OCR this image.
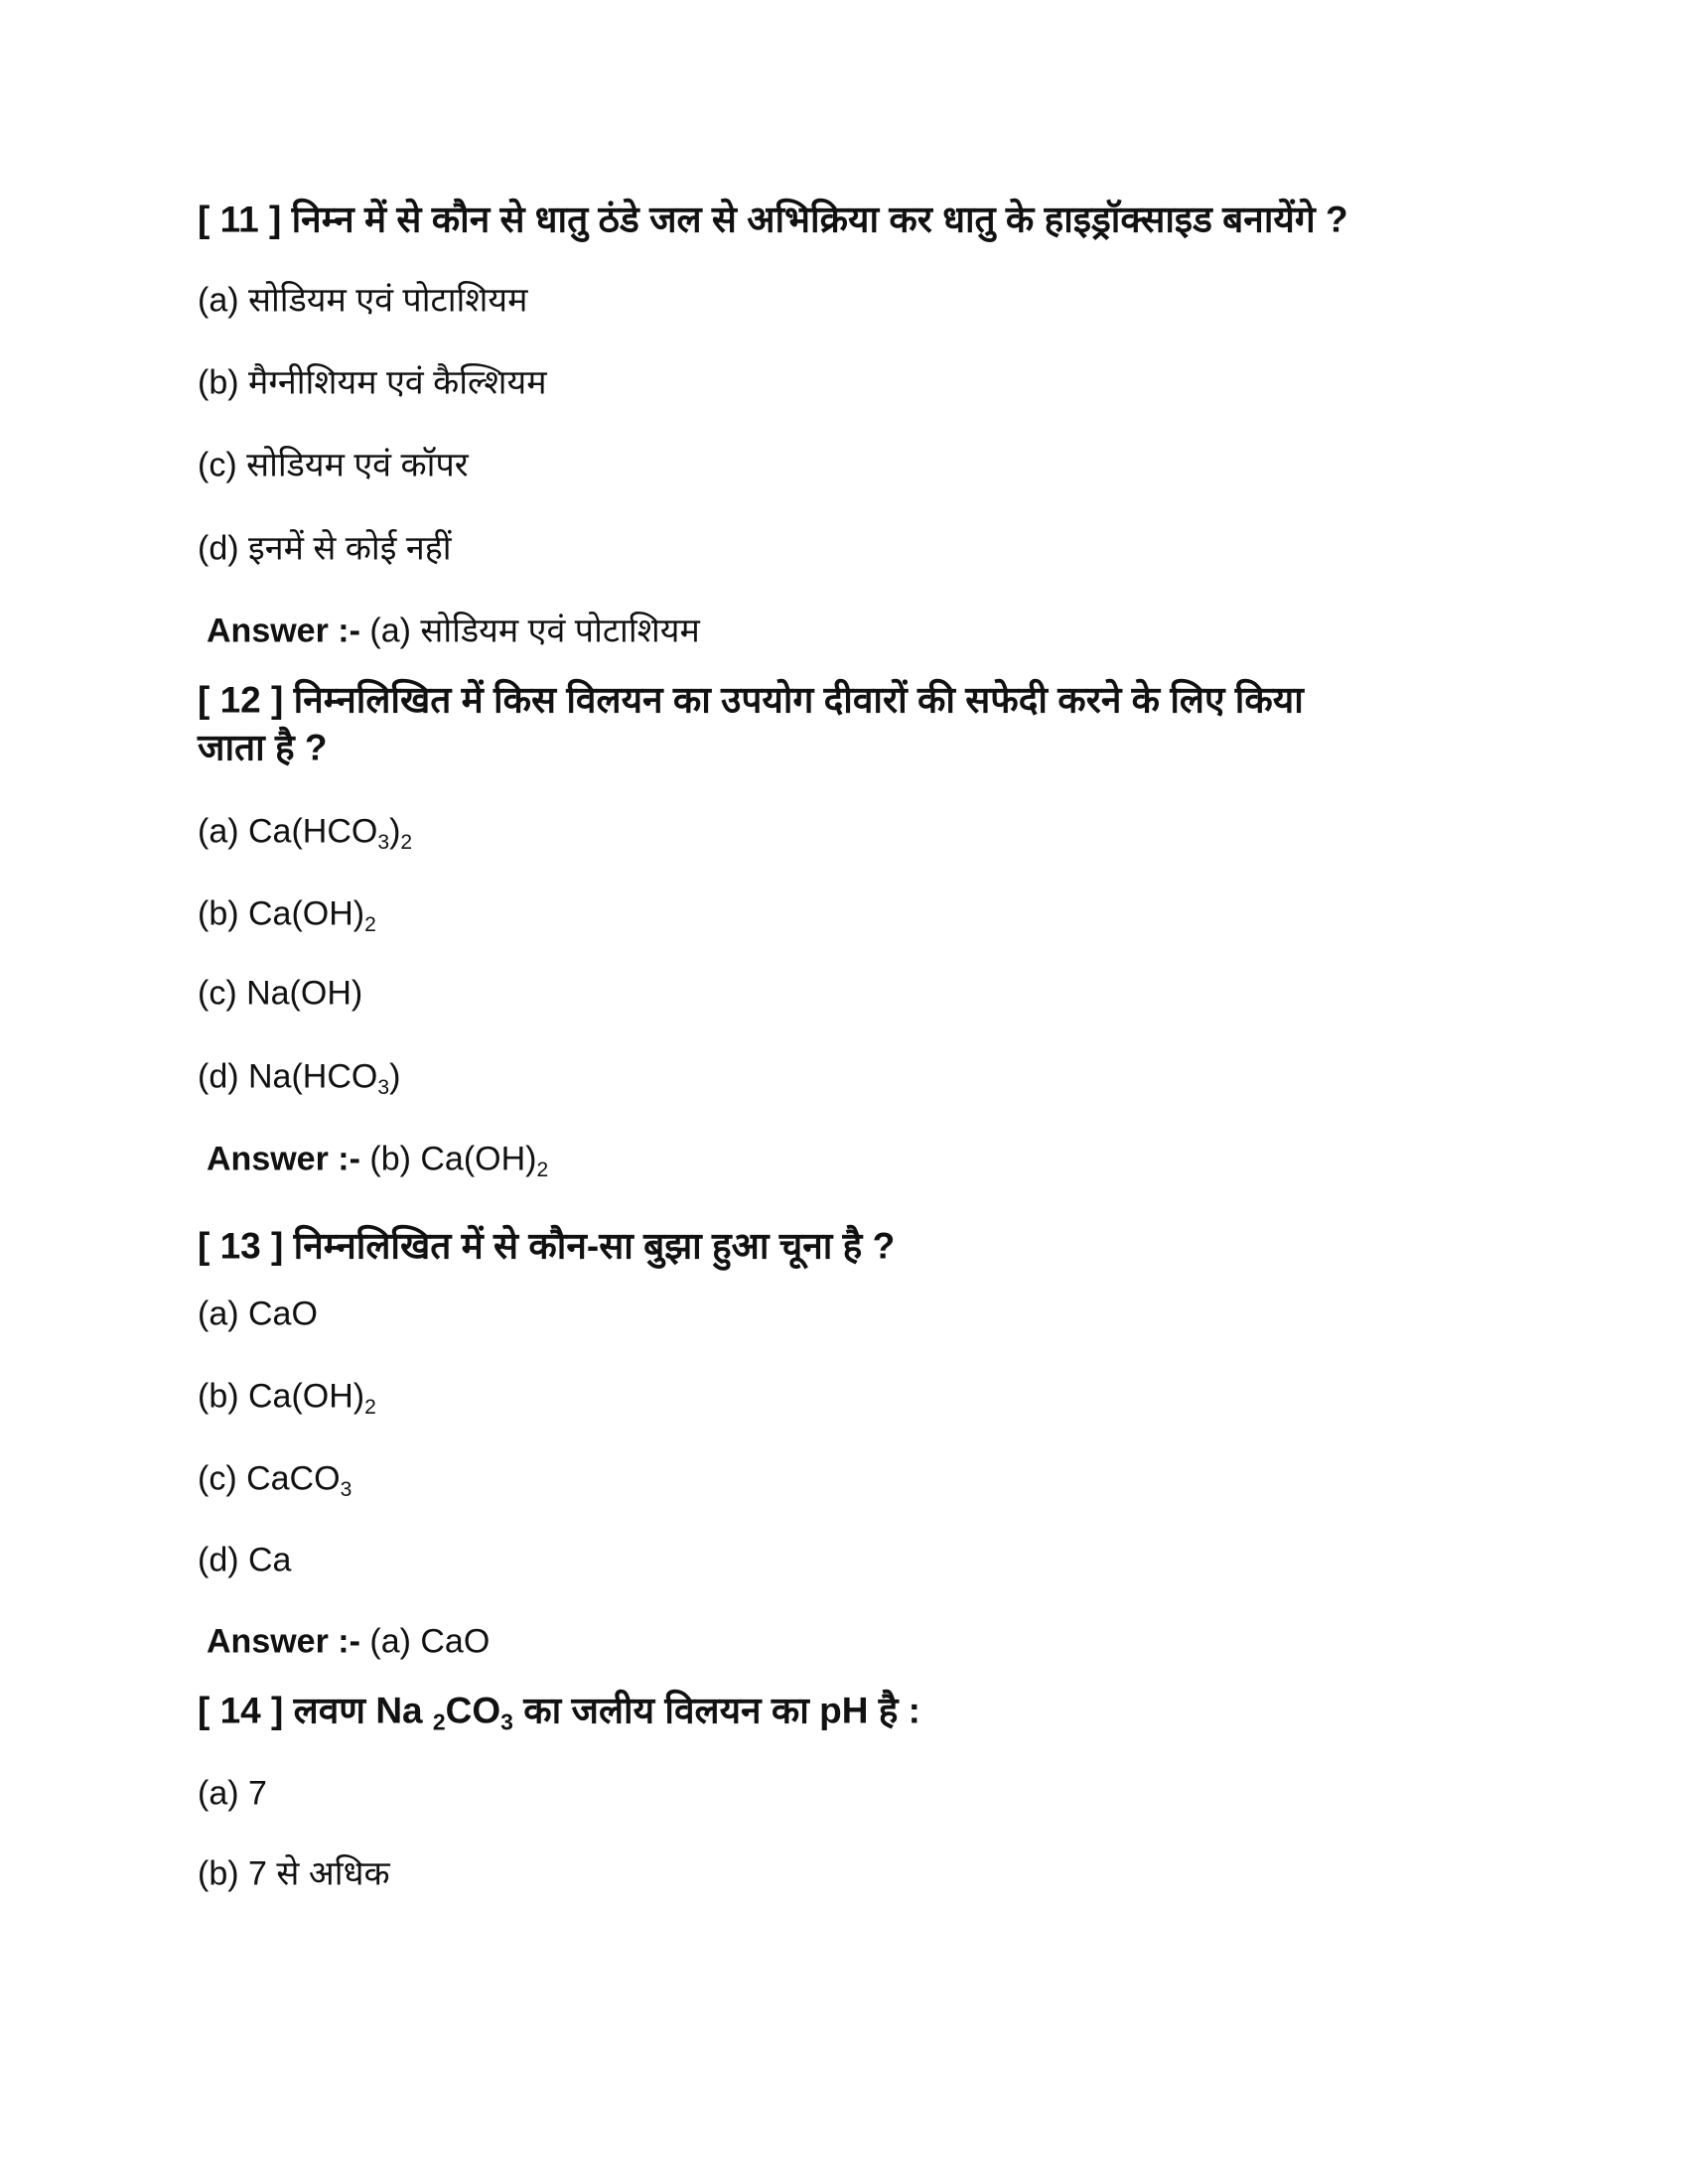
[ 11 ] निम्न में से कौन से धातु ठंडे जल से अभिक्रिया कर धातु के हाइड्रॉक्साइड बनायेंगे ?
(a) सोडियम एवं पोटाशियम
(b) मैग्नीशियम एवं कैल्शियम
(c) सोडियम एवं कॉपर
(d) इनमें से कोई नहीं
Answer :- (a) सोडियम एवं पोटाशियम
[ 12 ] निम्नलिखित में किस विलयन का उपयोग दीवारों की सफेदी करने के लिए किया
जाता है ?
(a) $Ca(HCO_3)_2$
(b) $Ca(OH)_2$
(c) Na(OH)
(d) $Na(HCO_3)$
Answer :- (b) $Ca(OH)_2$
[ 13 ] निम्नलिखित में से कौन-सा बुझा हुआ चूना है ?
(a) CaO
(b) $Ca(OH)_2$
(c) CaCO$_3$
(d) Ca
Answer :- (a) CaO
[ 14 ] लवण Na $_2CO_3$ का जलीय विलयन का pH है :
(a) 7
(b) 7 से अधिक
